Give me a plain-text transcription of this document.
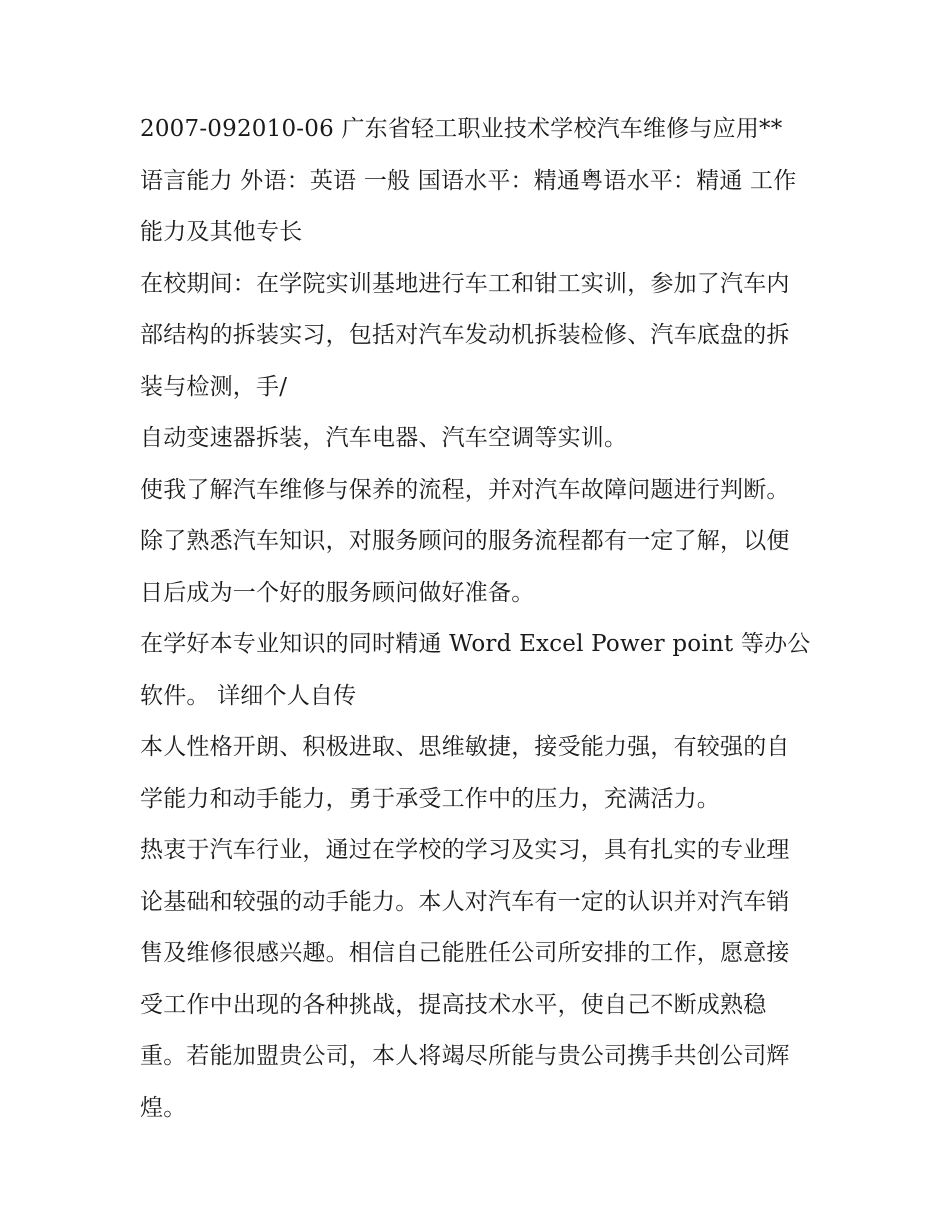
2007-092010-06 广东省轻工职业技术学校汽车维修与应用** 语言能力 外语：英语 一般 国语水平：精通粤语水平：精通 工作能力及其他专长

在校期间：在学院实训基地进行车工和钳工实训，参加了汽车内部结构的拆装实习，包括对汽车发动机拆装检修、汽车底盘的拆装与检测，手/

自动变速器拆装，汽车电器、汽车空调等实训。

使我了解汽车维修与保养的流程，并对汽车故障问题进行判断。除了熟悉汽车知识，对服务顾问的服务流程都有一定了解，以便日后成为一个好的服务顾问做好准备。

在学好本专业知识的同时精通 Word Excel Power point 等办公软件。 详细个人自传

本人性格开朗、积极进取、思维敏捷，接受能力强，有较强的自学能力和动手能力，勇于承受工作中的压力，充满活力。

热衷于汽车行业，通过在学校的学习及实习，具有扎实的专业理论基础和较强的动手能力。本人对汽车有一定的认识并对汽车销售及维修很感兴趣。相信自己能胜任公司所安排的工作，愿意接受工作中出现的各种挑战，提高技术水平，使自己不断成熟稳重。若能加盟贵公司，本人将竭尽所能与贵公司携手共创公司辉煌。
